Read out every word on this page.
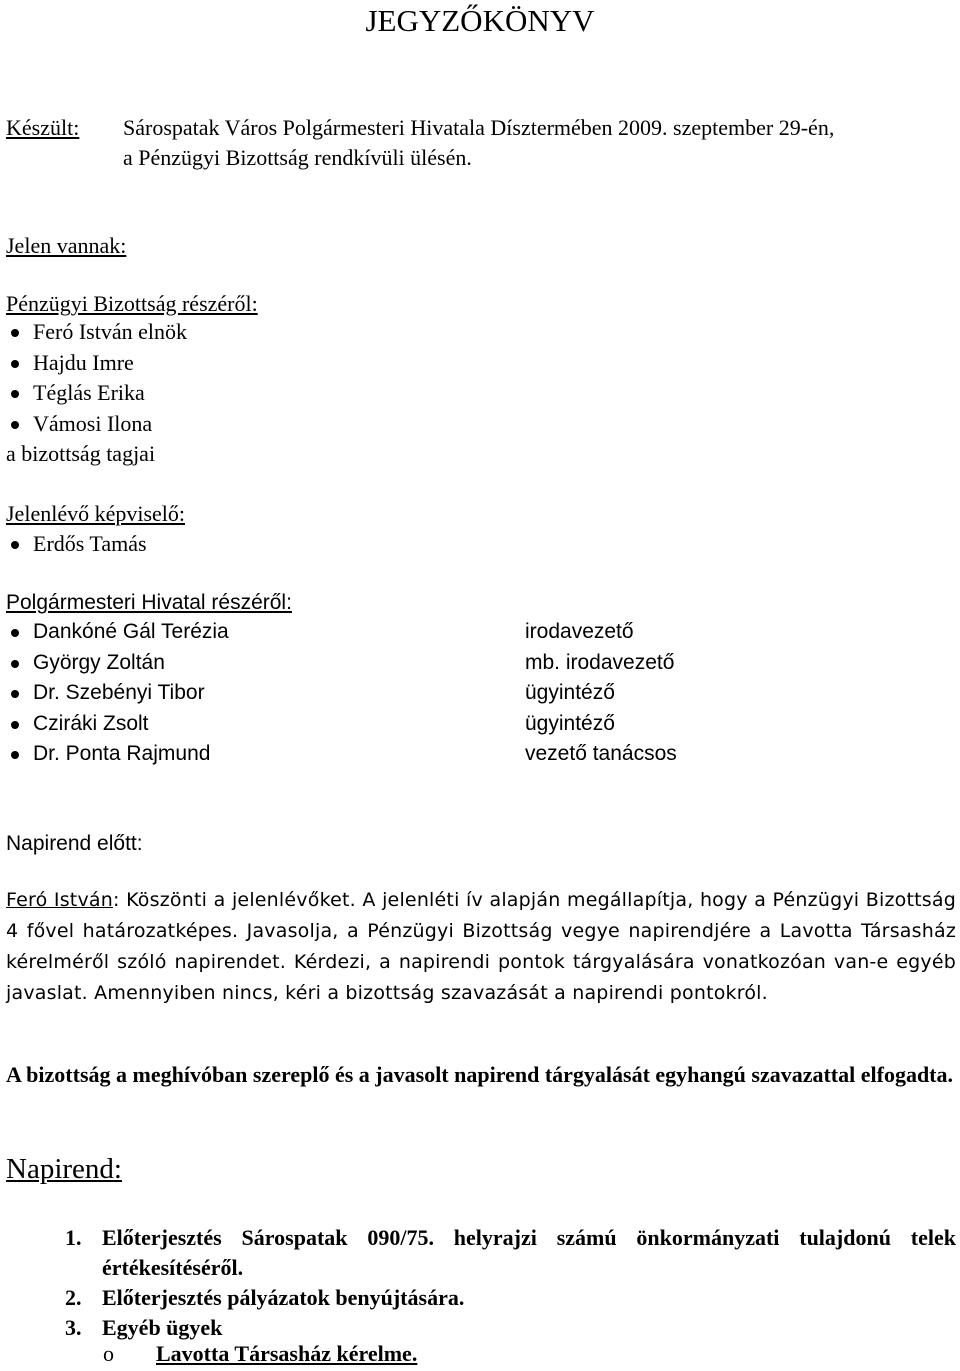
JEGYZŐKÖNYV
Készült: Sárospatak Város Polgármesteri Hivatala Dísztermében 2009. szeptember 29-én,
a Pénzügyi Bizottság rendkívüli ülésén.
Jelen vannak:
Pénzügyi Bizottság részéről:
Feró István elnök
Hajdu Imre
Téglás Erika
Vámosi Ilona
a bizottság tagjai
Jelenlévő képviselő:
Erdős Tamás
Polgármesteri Hivatal részéről:
Dankóné Gál Terézia
György Zoltán
Dr. Szebényi Tibor
Cziráki Zsolt
Dr. Ponta Rajmund
irodavezető
mb. irodavezető
ügyintéző
ügyintéző
vezető tanácsos
Napirend előtt:
Feró István: Köszönti a jelenlévőket. A jelenléti ív alapján megállapítja, hogy a Pénzügyi Bizottság 4 fővel határozatképes. Javasolja, a Pénzügyi Bizottság vegye napirendjére a Lavotta Társasház kérelméről szóló napirendet. Kérdezi, a napirendi pontok tárgyalására vonatkozóan van-e egyéb javaslat. Amennyiben nincs, kéri a bizottság szavazását a napirendi pontokról.
A bizottság a meghívóban szereplő és a javasolt napirend tárgyalását egyhangú szavazattal elfogadta.
Napirend:
1. Előterjesztés Sárospatak 090/75. helyrajzi számú önkormányzati tulajdonú telek értékesítéséről.
2. Előterjesztés pályázatok benyújtására.
3. Egyéb ügyek
o Lavotta Társasház kérelme.
